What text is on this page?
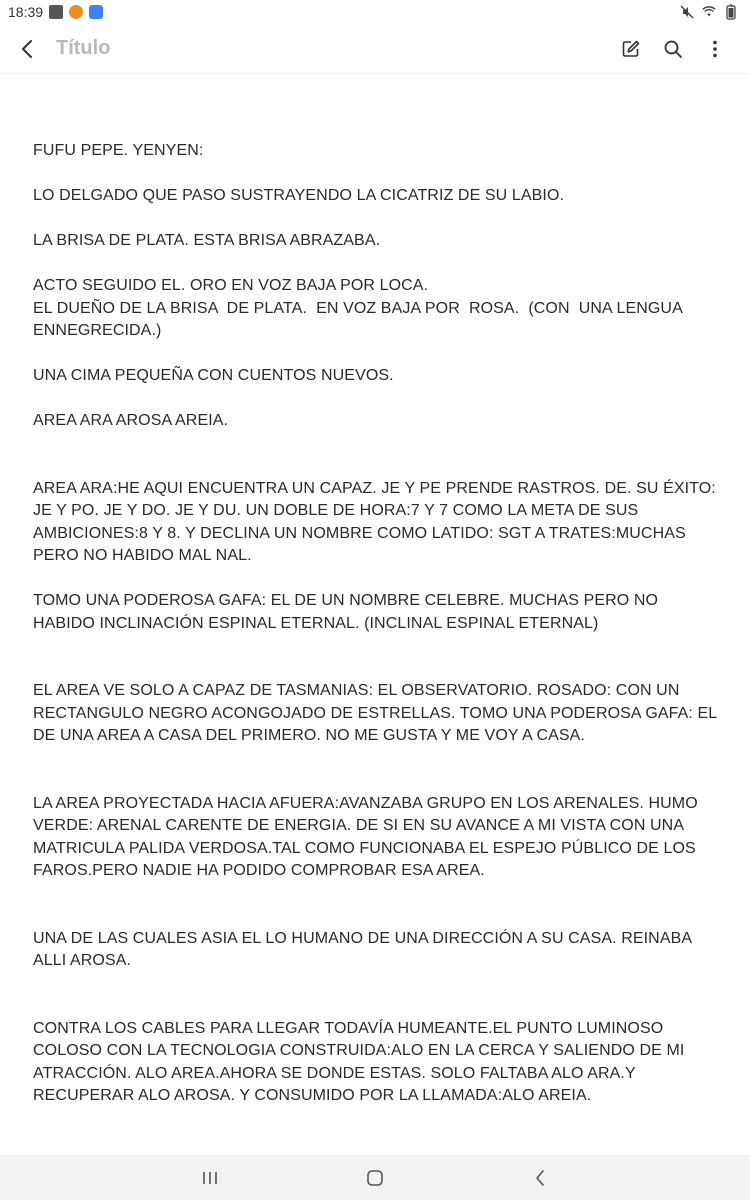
18:39
Título
FUFU PEPE. YENYEN:
LO DELGADO QUE PASO SUSTRAYENDO LA CICATRIZ DE SU LABIO.
LA BRISA DE PLATA. ESTA BRISA ABRAZABA.
ACTO SEGUIDO EL. ORO EN VOZ BAJA POR LOCA.
EL DUEÑO DE LA BRISA  DE PLATA.  EN VOZ BAJA POR  ROSA.  (CON  UNA LENGUA ENNEGRECIDA.)
UNA CIMA PEQUEÑA CON CUENTOS NUEVOS.
AREA ARA AROSA AREIA.
AREA ARA:HE AQUI ENCUENTRA UN CAPAZ. JE Y PE PRENDE RASTROS. DE. SU ÉXITO: JE Y PO. JE Y DO. JE Y DU. UN DOBLE DE HORA:7 Y 7 COMO LA META DE SUS AMBICIONES:8 Y 8. Y DECLINA UN NOMBRE COMO LATIDO: SGT A TRATES:MUCHAS PERO NO HABIDO MAL NAL.
TOMO UNA PODEROSA GAFA: EL DE UN NOMBRE CELEBRE. MUCHAS PERO NO HABIDO INCLINACIÓN ESPINAL ETERNAL. (INCLINAL ESPINAL ETERNAL)
EL AREA VE SOLO A CAPAZ DE TASMANIAS: EL OBSERVATORIO. ROSADO: CON UN RECTANGULO NEGRO ACONGOJADO DE ESTRELLAS. TOMO UNA PODEROSA GAFA: EL DE UNA AREA A CASA DEL PRIMERO. NO ME GUSTA Y ME VOY A CASA.
LA AREA PROYECTADA HACIA AFUERA:AVANZABA GRUPO EN LOS ARENALES. HUMO VERDE: ARENAL CARENTE DE ENERGIA. DE SI EN SU AVANCE A MI VISTA CON UNA MATRICULA PALIDA VERDOSA.TAL COMO FUNCIONABA EL ESPEJO PÚBLICO DE LOS FAROS.PERO NADIE HA PODIDO COMPROBAR ESA AREA.
UNA DE LAS CUALES ASIA EL LO HUMANO DE UNA DIRECCIÓN A SU CASA. REINABA ALLI AROSA.
CONTRA LOS CABLES PARA LLEGAR TODAVÍA HUMEANTE.EL PUNTO LUMINOSO COLOSO CON LA TECNOLOGIA CONSTRUIDA:ALO EN LA CERCA Y SALIENDO DE MI ATRACCIÓN. ALO AREA.AHORA SE DONDE ESTAS. SOLO FALTABA ALO ARA.Y RECUPERAR ALO AROSA. Y CONSUMIDO POR LA LLAMADA:ALO AREIA.
